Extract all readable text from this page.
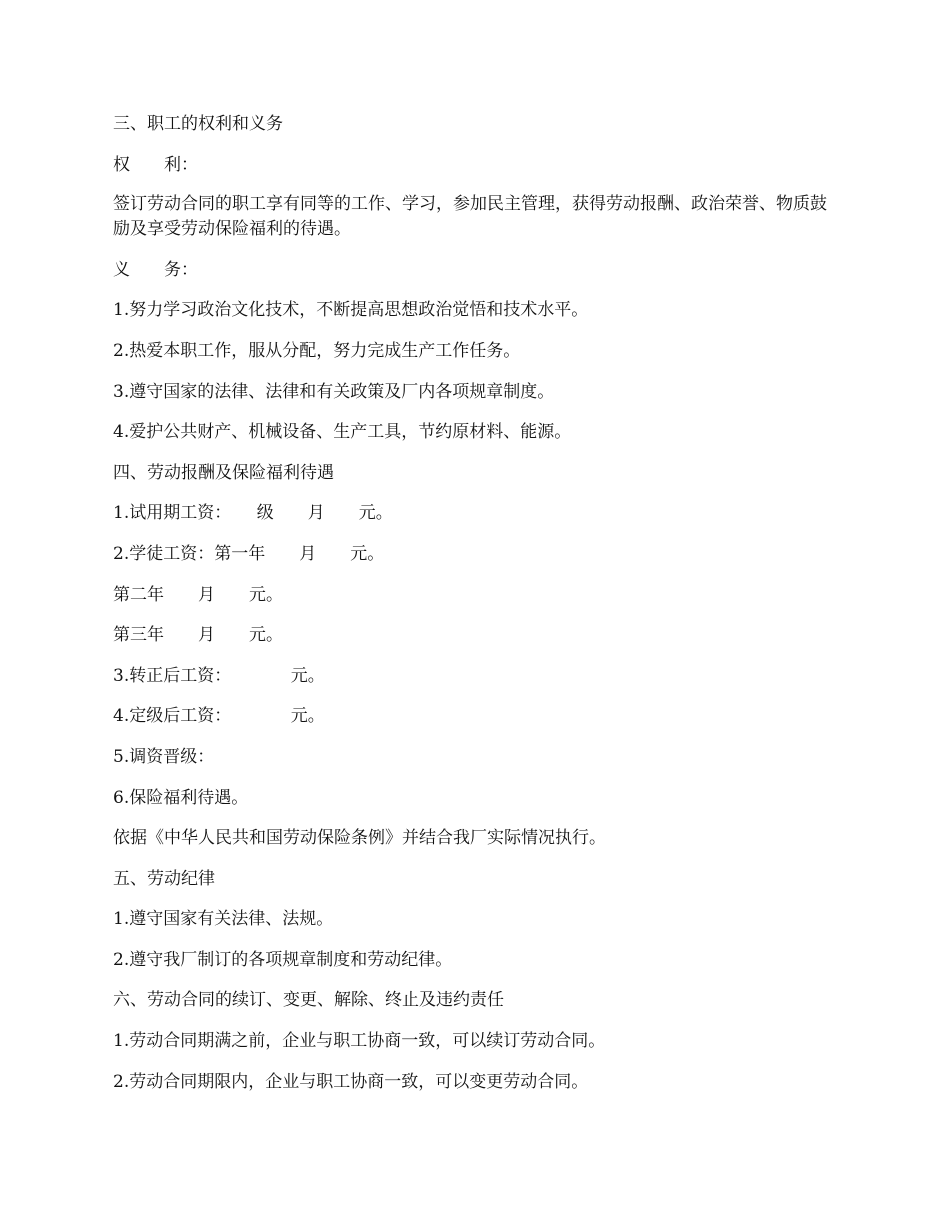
三、职工的权利和义务
权　　利：
签订劳动合同的职工享有同等的工作、学习，参加民主管理，获得劳动报酬、政治荣誉、物质鼓励及享受劳动保险福利的待遇。
义　　务：
1.努力学习政治文化技术，不断提高思想政治觉悟和技术水平。
2.热爱本职工作，服从分配，努力完成生产工作任务。
3.遵守国家的法律、法律和有关政策及厂内各项规章制度。
4.爱护公共财产、机械设备、生产工具，节约原材料、能源。
四、劳动报酬及保险福利待遇
1.试用期工资：　　级　　月　　元。
2.学徒工资：第一年　　月　　元。
第二年　　月　　元。
第三年　　月　　元。
3.转正后工资：　　　　元。
4.定级后工资：　　　　元。
5.调资晋级：
6.保险福利待遇。
依据《中华人民共和国劳动保险条例》并结合我厂实际情况执行。
五、劳动纪律
1.遵守国家有关法律、法规。
2.遵守我厂制订的各项规章制度和劳动纪律。
六、劳动合同的续订、变更、解除、终止及违约责任
1.劳动合同期满之前，企业与职工协商一致，可以续订劳动合同。
2.劳动合同期限内，企业与职工协商一致，可以变更劳动合同。
